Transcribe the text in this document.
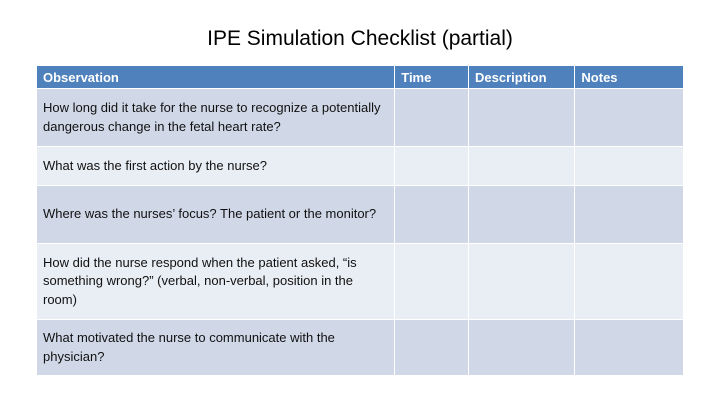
IPE Simulation Checklist (partial)
Observation	Time	Description	Notes
How long did it take for the nurse to recognize a potentially dangerous change in the fetal heart rate?			
What was the first action by the nurse?			
Where was the nurses’ focus? The patient or the monitor?			
How did the nurse respond when the patient asked, “is something wrong?” (verbal, non-verbal, position in the room)			
What motivated the nurse to communicate with the physician?			
